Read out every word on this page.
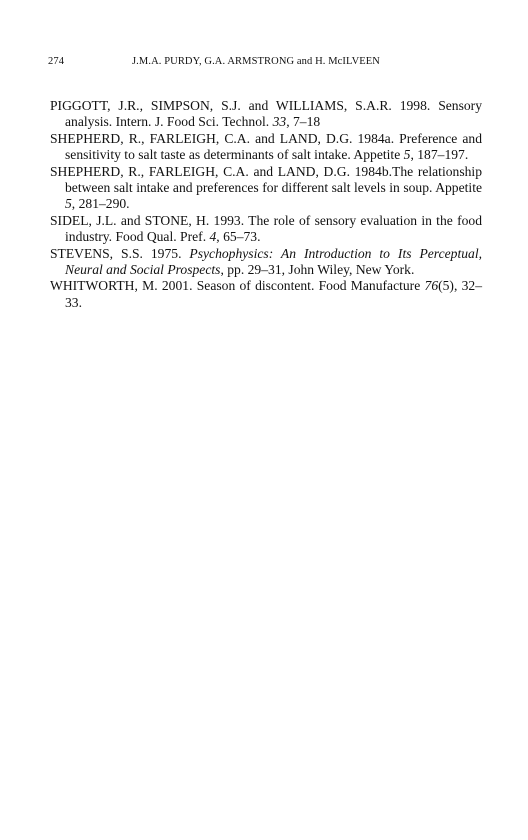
274	J.M.A. PURDY, G.A. ARMSTRONG and H. McILVEEN
PIGGOTT, J.R., SIMPSON, S.J. and WILLIAMS, S.A.R. 1998. Sensory analysis. Intern. J. Food Sci. Technol. 33, 7–18
SHEPHERD, R., FARLEIGH, C.A. and LAND, D.G. 1984a. Preference and sensitivity to salt taste as determinants of salt intake. Appetite 5, 187–197.
SHEPHERD, R., FARLEIGH, C.A. and LAND, D.G. 1984b.The relationship between salt intake and preferences for different salt levels in soup. Appetite 5, 281–290.
SIDEL, J.L. and STONE, H. 1993. The role of sensory evaluation in the food industry. Food Qual. Pref. 4, 65–73.
STEVENS, S.S. 1975. Psychophysics: An Introduction to Its Perceptual, Neural and Social Prospects, pp. 29–31, John Wiley, New York.
WHITWORTH, M. 2001. Season of discontent. Food Manufacture 76(5), 32–33.
